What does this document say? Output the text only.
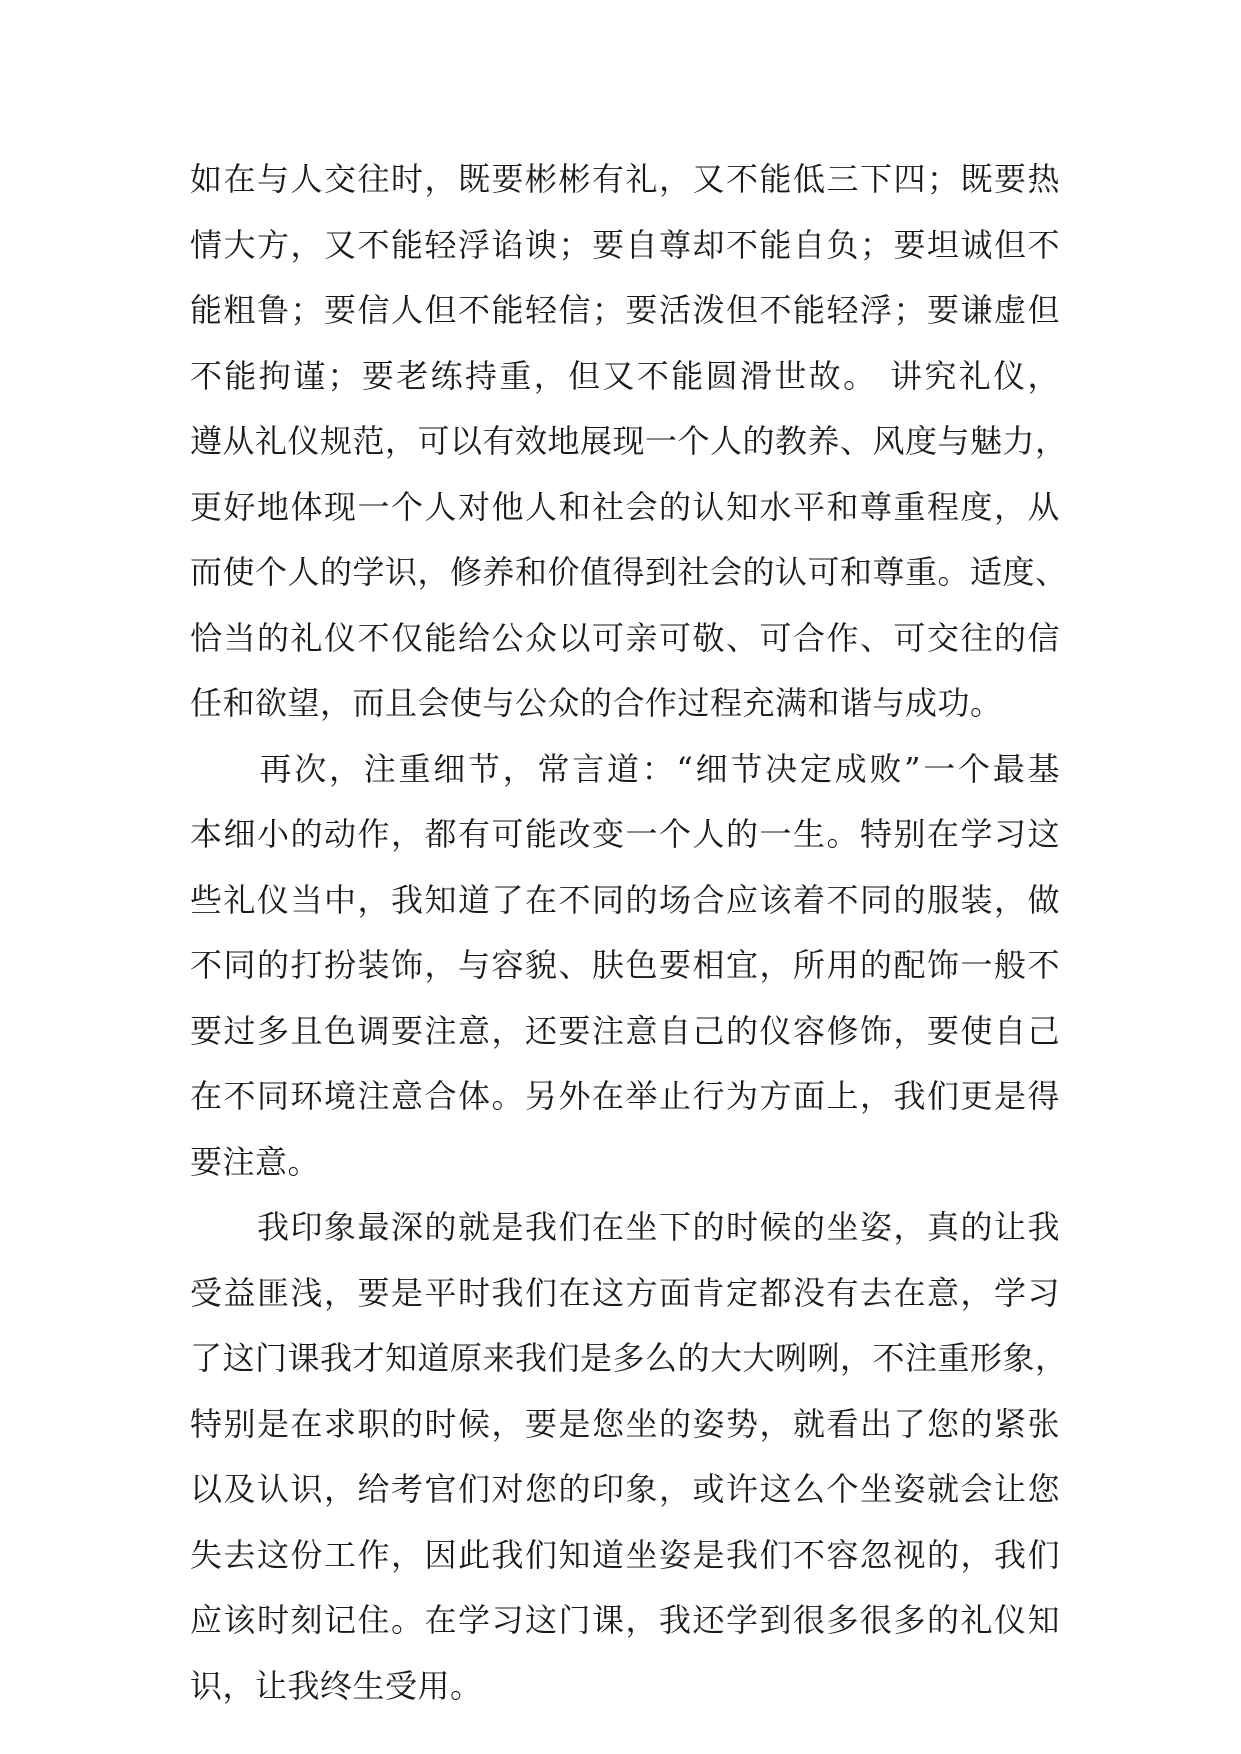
如在与人交往时，既要彬彬有礼，又不能低三下四；既要热
情大方，又不能轻浮谄谀；要自尊却不能自负；要坦诚但不
能粗鲁；要信人但不能轻信；要活泼但不能轻浮；要谦虚但
不能拘谨；要老练持重，但又不能圆滑世故。 讲究礼仪，
遵从礼仪规范，可以有效地展现一个人的教养、风度与魅力，
更好地体现一个人对他人和社会的认知水平和尊重程度，从
而使个人的学识，修养和价值得到社会的认可和尊重。适度、
恰当的礼仪不仅能给公众以可亲可敬、可合作、可交往的信
任和欲望，而且会使与公众的合作过程充满和谐与成功。
　　再次，注重细节，常言道：“细节决定成败”一个最基
本细小的动作，都有可能改变一个人的一生。特别在学习这
些礼仪当中，我知道了在不同的场合应该着不同的服装，做
不同的打扮装饰，与容貌、肤色要相宜，所用的配饰一般不
要过多且色调要注意，还要注意自己的仪容修饰，要使自己
在不同环境注意合体。另外在举止行为方面上，我们更是得
要注意。
　　我印象最深的就是我们在坐下的时候的坐姿，真的让我
受益匪浅，要是平时我们在这方面肯定都没有去在意，学习
了这门课我才知道原来我们是多么的大大咧咧，不注重形象，
特别是在求职的时候，要是您坐的姿势，就看出了您的紧张
以及认识，给考官们对您的印象，或许这么个坐姿就会让您
失去这份工作，因此我们知道坐姿是我们不容忽视的，我们
应该时刻记住。在学习这门课，我还学到很多很多的礼仪知
识，让我终生受用。
